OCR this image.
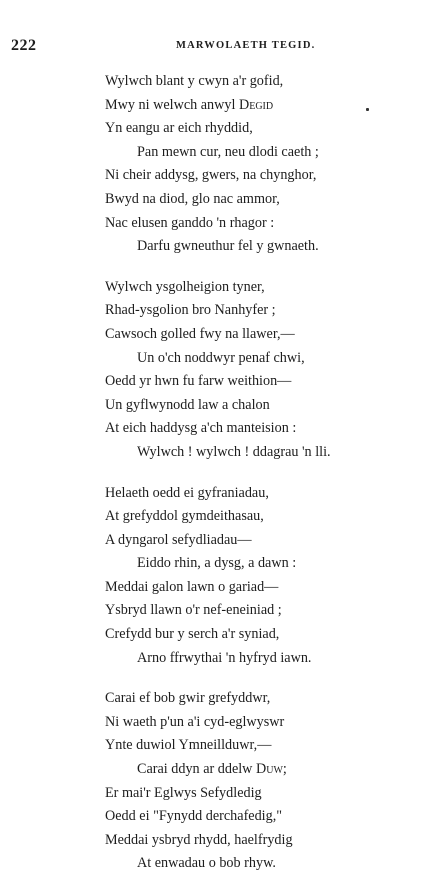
222	MARWOLAETH TEGID.
Wylwch blant y cwyn a'r gofid,
Mwy ni welwch anwyl Degid
Yn eangu ar eich rhyddid,
Pan mewn cur, neu dlodi caeth ;
Ni cheir addysg, gwers, na chynghor,
Bwyd na diod, glo nac ammor,
Nac elusen ganddo 'n rhagor :
Darfu gwneuthur fel y gwnaeth.
Wylwch ysgolheigion tyner,
Rhad-ysgolion bro Nanhyfer ;
Cawsoch golled fwy na llawer,—
Un o'ch noddwyr penaf chwi,
Oedd yr hwn fu farw weithion—
Un gyflwynodd law a chalon
At eich haddysg a'ch manteision :
Wylwch ! wylwch ! ddagrau 'n lli.
Helaeth oedd ei gyfraniadau,
At grefyddol gymdeithasau,
A dyngarol sefydliadau—
Eiddo rhin, a dysg, a dawn :
Meddai galon lawn o gariad—
Ysbryd llawn o'r nef-eneiniad ;
Crefydd bur y serch a'r syniad,
Arno ffrwythai 'n hyfryd iawn.
Carai ef bob gwir grefyddwr,
Ni waeth p'un a'i cyd-eglwyswr
Ynte duwiol Ymneillduwr,—
Carai ddyn ar ddelw Duw;
Er mai'r Eglwys Sefydledig
Oedd ei "Fynydd derchafedig,"
Meddai ysbryd rhydd, haelfrydig
At enwadau o bob rhyw.
